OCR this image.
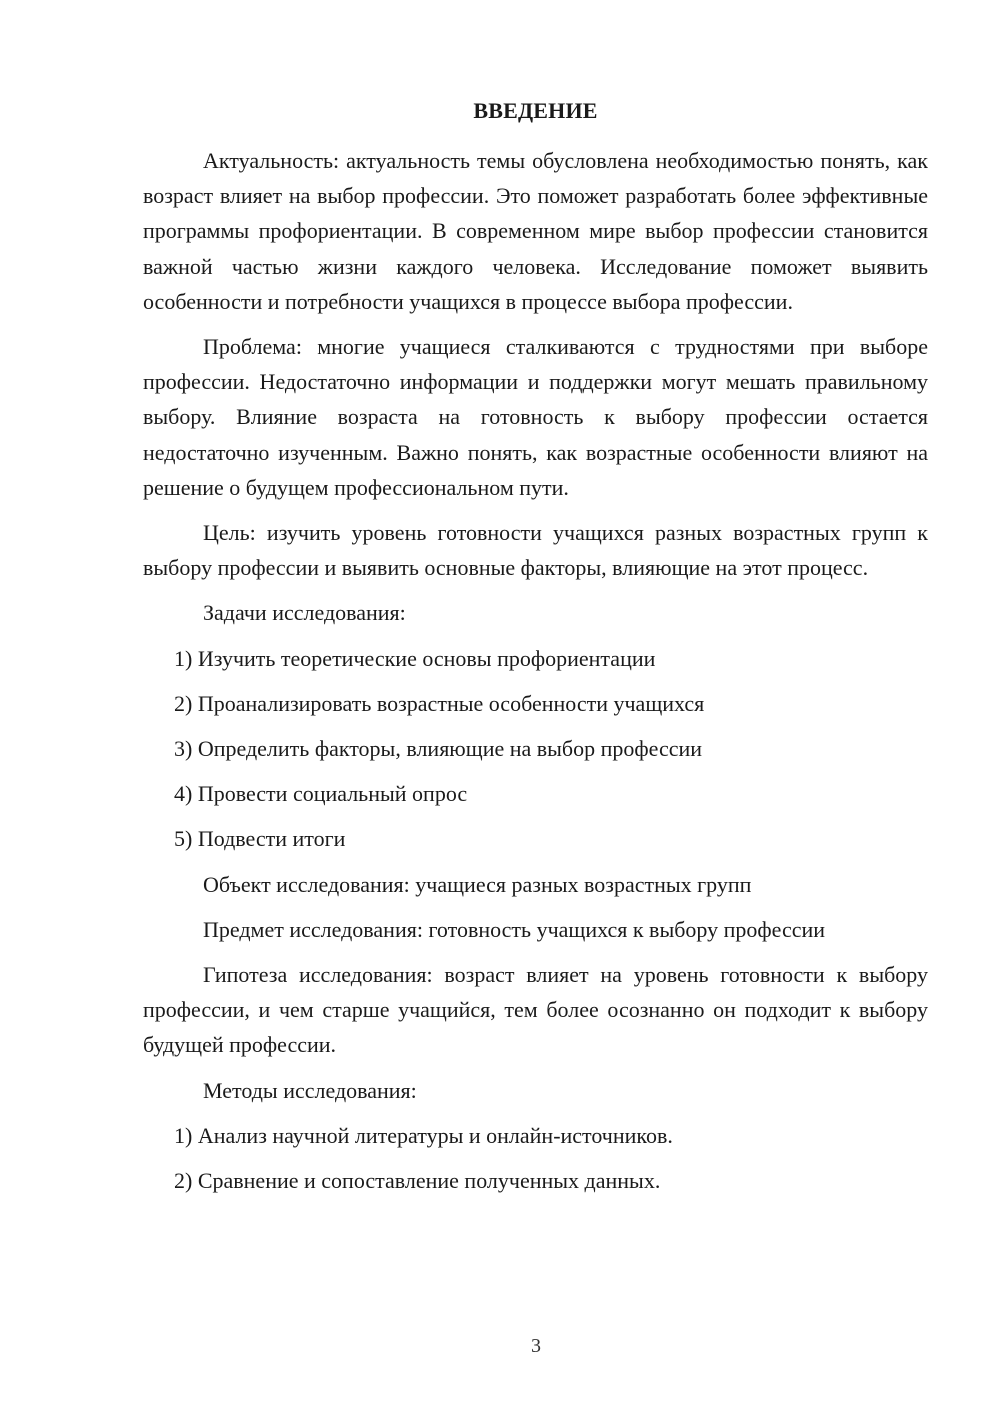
ВВЕДЕНИЕ

Актуальность: актуальность темы обусловлена необходимостью понять, как возраст влияет на выбор профессии. Это поможет разработать более эффективные программы профориентации. В современном мире выбор профессии становится важной частью жизни каждого человека. Исследование поможет выявить особенности и потребности учащихся в процессе выбора профессии.

Проблема: многие учащиеся сталкиваются с трудностями при выборе профессии. Недостаточно информации и поддержки могут мешать правильному выбору. Влияние возраста на готовность к выбору профессии остается недостаточно изученным. Важно понять, как возрастные особенности влияют на решение о будущем профессиональном пути.

Цель: изучить уровень готовности учащихся разных возрастных групп к выбору профессии и выявить основные факторы, влияющие на этот процесс.

Задачи исследования:

1) Изучить теоретические основы профориентации

2) Проанализировать возрастные особенности учащихся

3) Определить факторы, влияющие на выбор профессии

4) Провести социальный опрос

5) Подвести итоги

Объект исследования: учащиеся разных возрастных групп

Предмет исследования: готовность учащихся к выбору профессии

Гипотеза исследования: возраст влияет на уровень готовности к выбору профессии, и чем старше учащийся, тем более осознанно он подходит к выбору будущей профессии.

Методы исследования:

1) Анализ научной литературы и онлайн-источников.

2) Сравнение и сопоставление полученных данных.

3
